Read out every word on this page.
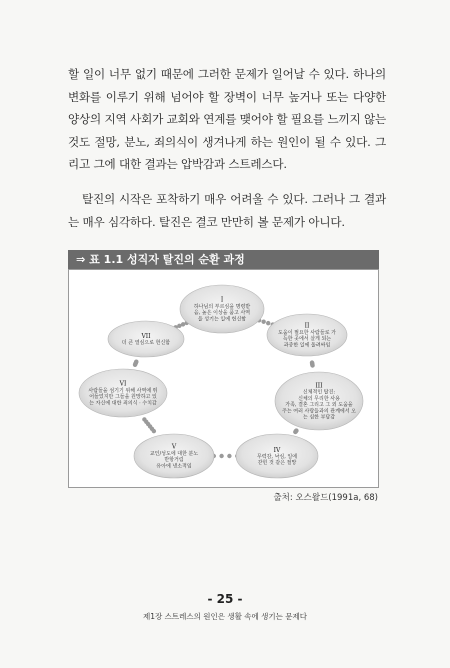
할 일이 너무 없기 때문에 그러한 문제가 일어날 수 있다. 하나의 변화를 이루기 위해 넘어야 할 장벽이 너무 높거나 또는 다양한 양상의 지역 사회가 교회와 연계를 맺어야 할 필요를 느끼지 않는 것도 절망, 분노, 죄의식이 생겨나게 하는 원인이 될 수 있다. 그리고 그에 대한 결과는 압박감과 스트레스다.

탈진의 시작은 포착하기 매우 어려울 수 있다. 그러나 그 결과는 매우 심각하다. 탈진은 결코 만만히 볼 문제가 아니다.

⇒ 표 1.1 성직자 탈진의 순환 과정
I
하나님의 부르심을 명령받
음, 높은 이상을 품고 사역
을 성기는 일에 헌신함
II
도움이 필요한 사람들로 가
득한 곳에서 살게 되는
과중한 일에 돌려싸임
III
신체적인 탈진:
신체의 무리한 사용
가족, 결혼 그리고 그 외 도움을
주는 여러 사람들과의 관계에서 오
는 심한 부담감
IV
무력감, 낙심, 일에
갇힌 것 같은 절망
V
교인/성도에 대한 분노
반항거림
유아에 냉소적임
VI
사람들을 섬기기 위해 사역에 뛰
어들었지만 그들을 원망하고 있
는 자신에 대한 죄의식 · 수치감
VII
더 큰 열심으로 헌신함
출처: 오스왈드(1991a, 68)
- 25 -
제1장 스트레스의 원인은 생활 속에 생기는 문제다
